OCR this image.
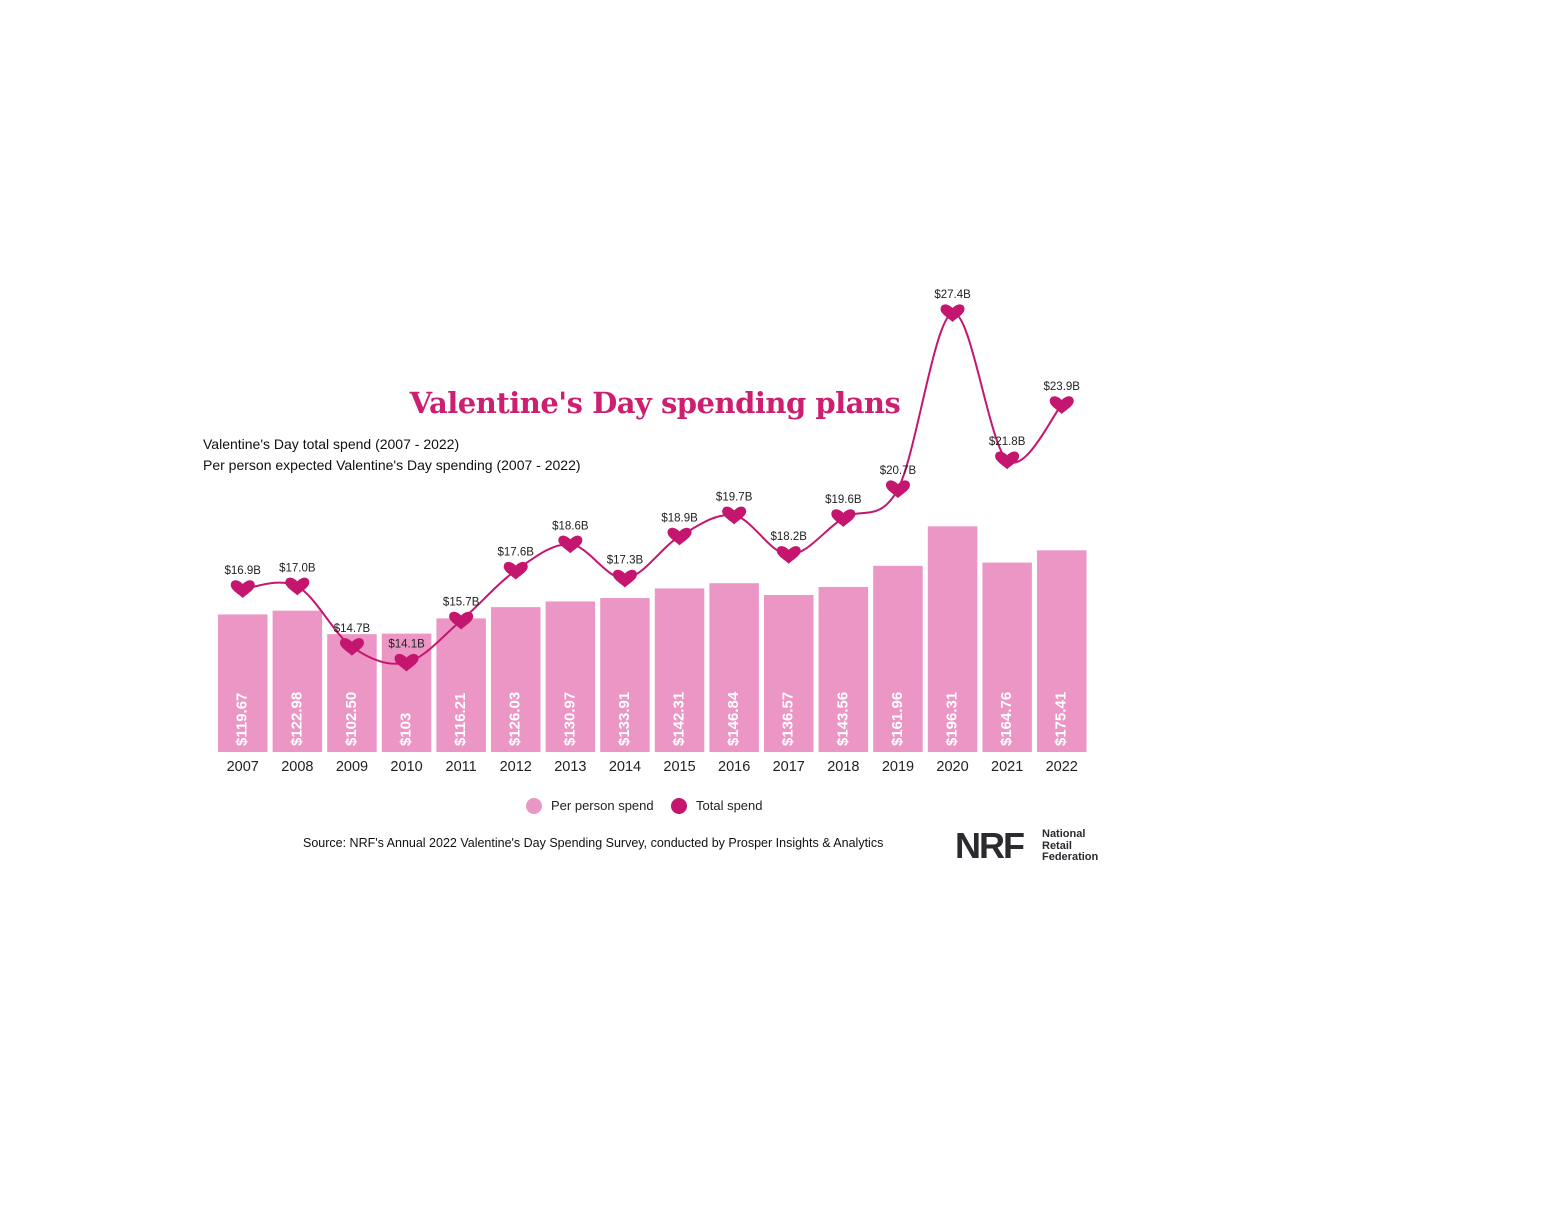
Valentine's Day spending plans
Valentine's Day total spend (2007 - 2022)
Per person expected Valentine's Day spending (2007 - 2022)
$119.67	$122.98	$102.50	$103	$116.21	$126.03	$130.97	$133.91	$142.31	$146.84	$136.57	$143.56	$161.96	$196.31	$164.76	$175.41
2007 2008 2009 2010 2011 2012 2013 2014 2015 2016 2017 2018 2019 2020 2021 2022
$16.9B $17.0B
$14.7B
$14.1B
$15.7B
$17.6B
$18.6B
$17.3B
$18.9B
$19.7B
$18.2B
$19.6B
$20.7B
$27.4B
$21.8B
$23.9B
Per person spend	Total spend
Source: NRF's Annual 2022 Valentine's Day Spending Survey, conducted by Prosper Insights & Analytics NRF National
Retail
Federation
